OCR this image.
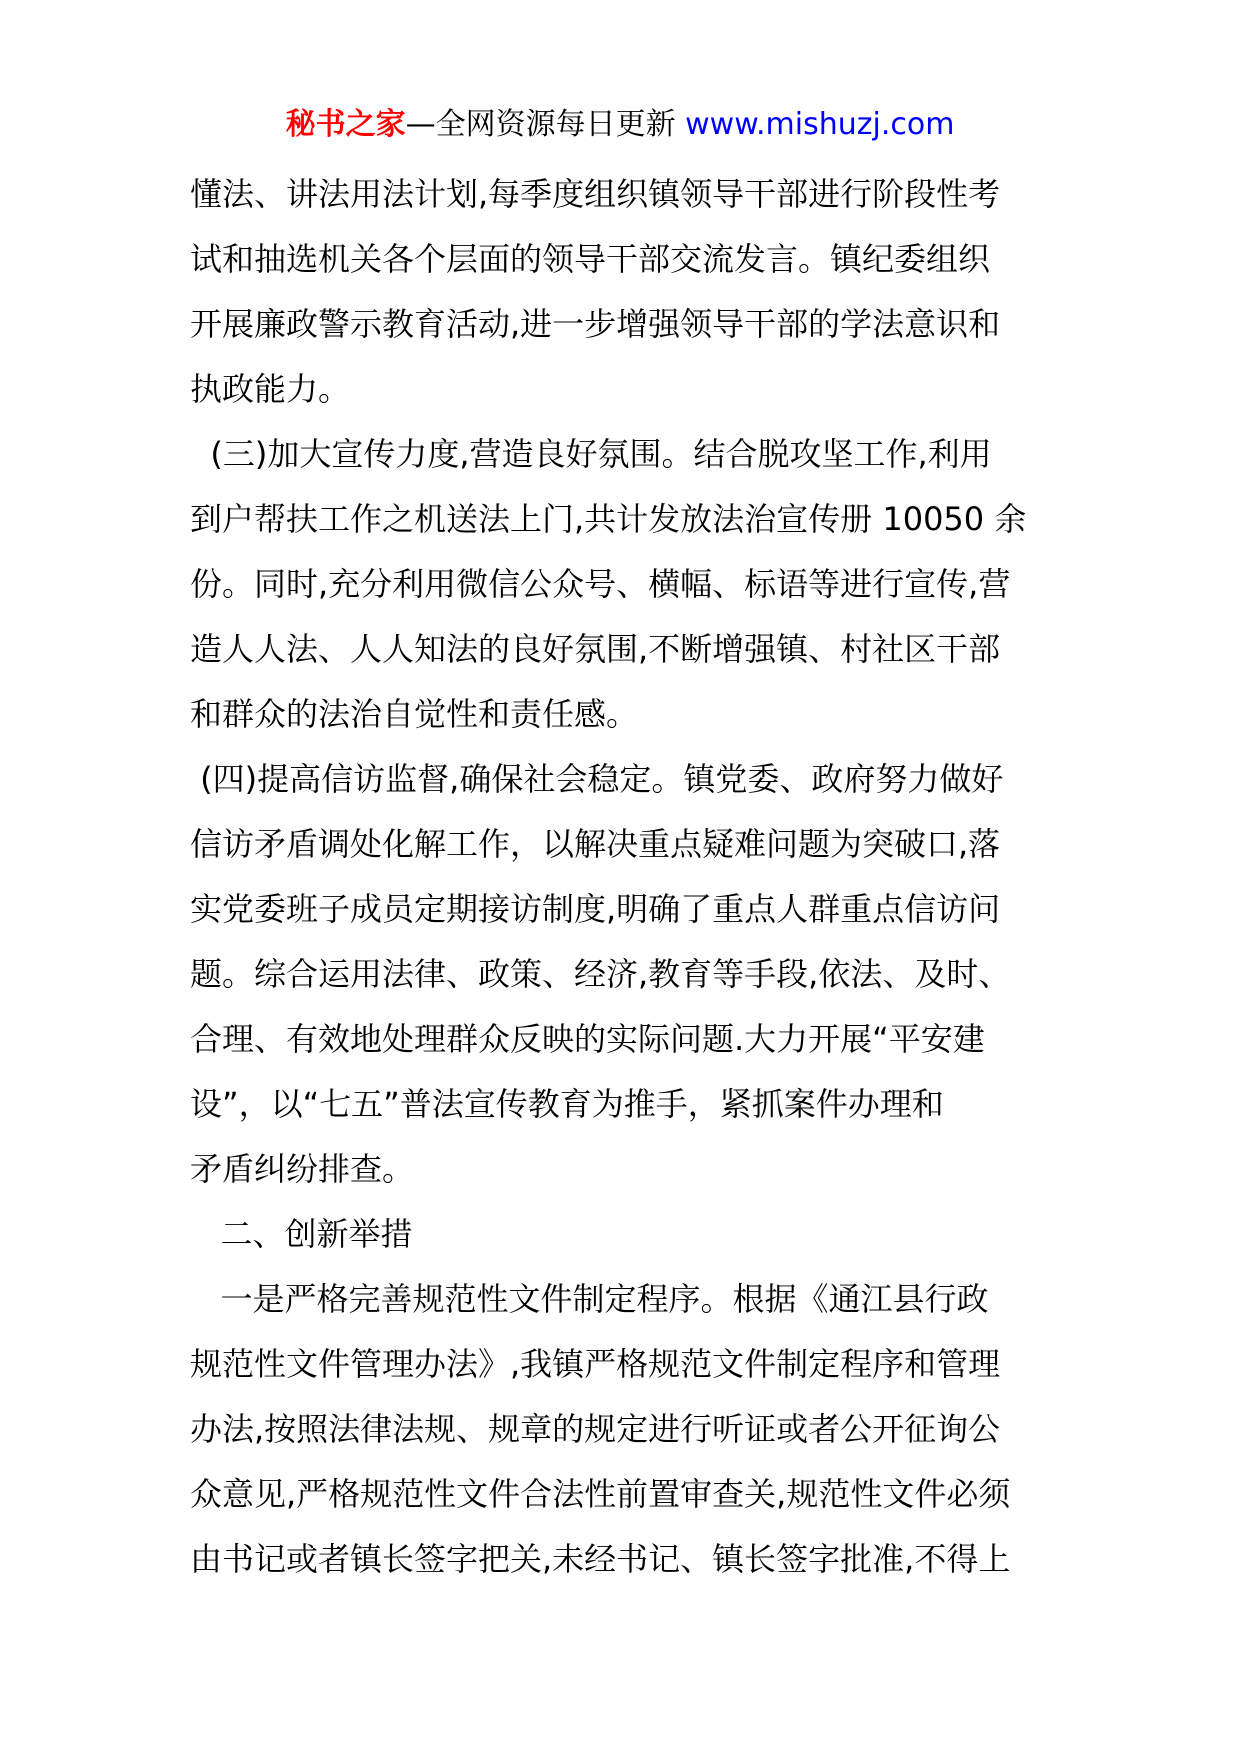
秘书之家—全网资源每日更新 www.mishuzj.com
懂法、讲法用法计划,每季度组织镇领导干部进行阶段性考
试和抽选机关各个层面的领导干部交流发言。镇纪委组织
开展廉政警示教育活动,进一步增强领导干部的学法意识和
执政能力。
(三)加大宣传力度,营造良好氛围。结合脱攻坚工作,利用
到户帮扶工作之机送法上门,共计发放法治宣传册 10050 余
份。同时,充分利用微信公众号、横幅、标语等进行宣传,营
造人人法、人人知法的良好氛围,不断增强镇、村社区干部
和群众的法治自觉性和责任感。
(四)提高信访监督,确保社会稳定。镇党委、政府努力做好
信访矛盾调处化解工作，以解决重点疑难问题为突破口,落
实党委班子成员定期接访制度,明确了重点人群重点信访问
题。综合运用法律、政策、经济,教育等手段,依法、及时、
合理、有效地处理群众反映的实际问题.大力开展“平安建
设”，以“七五”普法宣传教育为推手，紧抓案件办理和
矛盾纠纷排查。
二、创新举措
一是严格完善规范性文件制定程序。根据《通江县行政
规范性文件管理办法》,我镇严格规范文件制定程序和管理
办法,按照法律法规、规章的规定进行听证或者公开征询公
众意见,严格规范性文件合法性前置审查关,规范性文件必须
由书记或者镇长签字把关,未经书记、镇长签字批准,不得上
